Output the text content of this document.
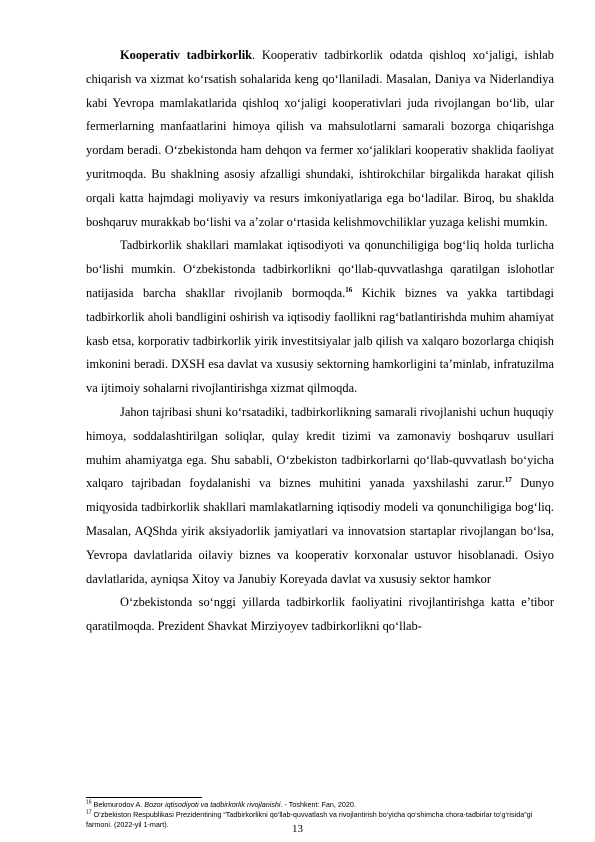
Kooperativ tadbirkorlik. Kooperativ tadbirkorlik odatda qishloq xo‘jaligi, ishlab chiqarish va xizmat ko‘rsatish sohalarida keng qo‘llaniladi. Masalan, Daniya va Niderlandiya kabi Yevropa mamlakatlarida qishloq xo‘jaligi kooperativlari juda rivojlangan bo‘lib, ular fermerlarning manfaatlarini himoya qilish va mahsulotlarni samarali bozorga chiqarishga yordam beradi. O‘zbekistonda ham dehqon va fermer xo‘jaliklari kooperativ shaklida faoliyat yuritmoqda. Bu shaklning asosiy afzalligi shundaki, ishtirokchilar birgalikda harakat qilish orqali katta hajmdagi moliyaviy va resurs imkoniyatlariga ega bo‘ladilar. Biroq, bu shaklda boshqaruv murakkab bo‘lishi va a’zolar o‘rtasida kelishmovchiliklar yuzaga kelishi mumkin.

Tadbirkorlik shakllari mamlakat iqtisodiyoti va qonunchiligiga bog‘liq holda turlicha bo‘lishi mumkin. O‘zbekistonda tadbirkorlikni qo‘llab-quvvatlashga qaratilgan islohotlar natijasida barcha shakllar rivojlanib bormoqda.$^{16}$ Kichik biznes va yakka tartibdagi tadbirkorlik aholi bandligini oshirish va iqtisodiy faollikni rag‘batlantirishda muhim ahamiyat kasb etsa, korporativ tadbirkorlik yirik investitsiyalar jalb qilish va xalqaro bozorlarga chiqish imkonini beradi. DXSH esa davlat va xususiy sektorning hamkorligini ta’minlab, infratuzilma va ijtimoiy sohalarni rivojlantirishga xizmat qilmoqda.

Jahon tajribasi shuni ko‘rsatadiki, tadbirkorlikning samarali rivojlanishi uchun huquqiy himoya, soddalashtirilgan soliqlar, qulay kredit tizimi va zamonaviy boshqaruv usullari muhim ahamiyatga ega. Shu sababli, O‘zbekiston tadbirkorlarni qo‘llab-quvvatlash bo‘yicha xalqaro tajribadan foydalanishi va biznes muhitini yanada yaxshilashi zarur.$^{17}$ Dunyo miqyosida tadbirkorlik shakllari mamlakatlarning iqtisodiy modeli va qonunchiligiga bog‘liq. Masalan, AQShda yirik aksiyadorlik jamiyatlari va innovatsion startaplar rivojlangan bo‘lsa, Yevropa davlatlarida oilaviy biznes va kooperativ korxonalar ustuvor hisoblanadi. Osiyo davlatlarida, ayniqsa Xitoy va Janubiy Koreyada davlat va xususiy sektor hamkor

O‘zbekistonda so‘nggi yillarda tadbirkorlik faoliyatini rivojlantirishga katta e’tibor qaratilmoqda. Prezident Shavkat Mirziyoyev tadbirkorlikni qo‘llab-

$^{16}$ Bekmurodov A. Bozor iqtisodiyoti va tadbirkorlik rivojlanishi. - Toshkent: Fan, 2020.
$^{17}$ O‘zbekiston Respublikasi Prezidentining “Tadbirkorlikni qo‘llab-quvvatlash va rivojlantirish bo‘yicha qo‘shimcha chora-tadbirlar to‘g‘risida”gi farmoni. (2022-yil 1-mart).	13
